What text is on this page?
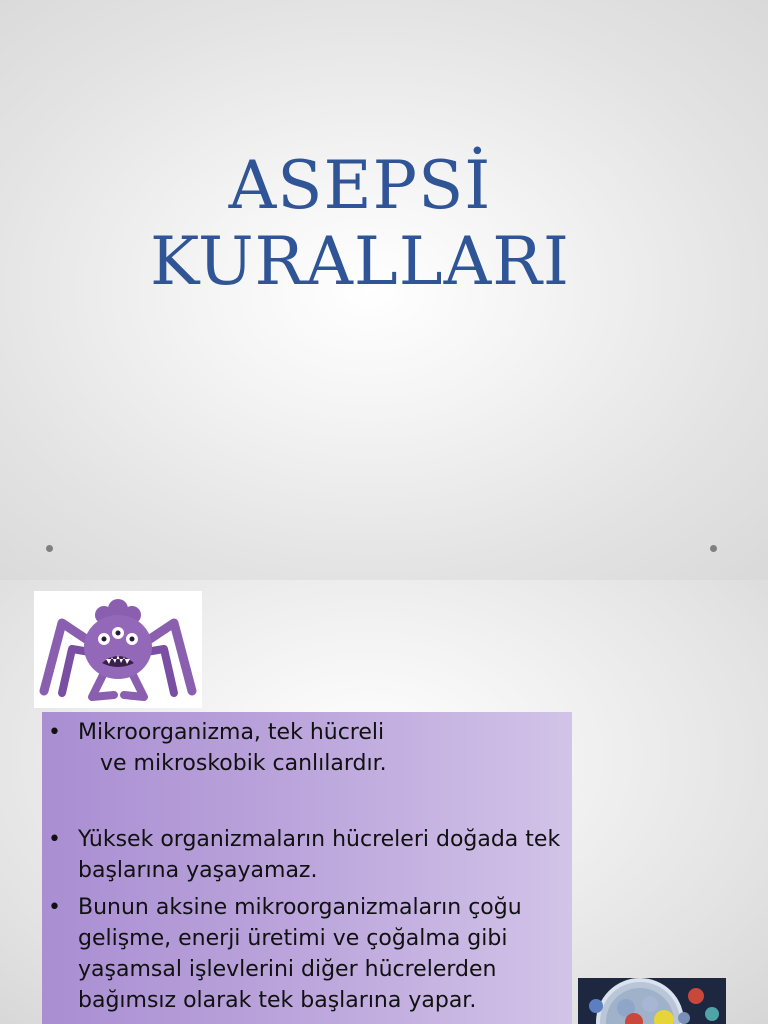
ASEPSİ
KURALLARI
• Mikroorganizma, tek hücreli
ve mikroskobik canlılardır.
• Yüksek organizmaların hücreleri doğada tek başlarına yaşayamaz.
• Bunun aksine mikroorganizmaların çoğu gelişme, enerji üretimi ve çoğalma gibi yaşamsal işlevlerini diğer hücrelerden bağımsız olarak tek başlarına yapar.
